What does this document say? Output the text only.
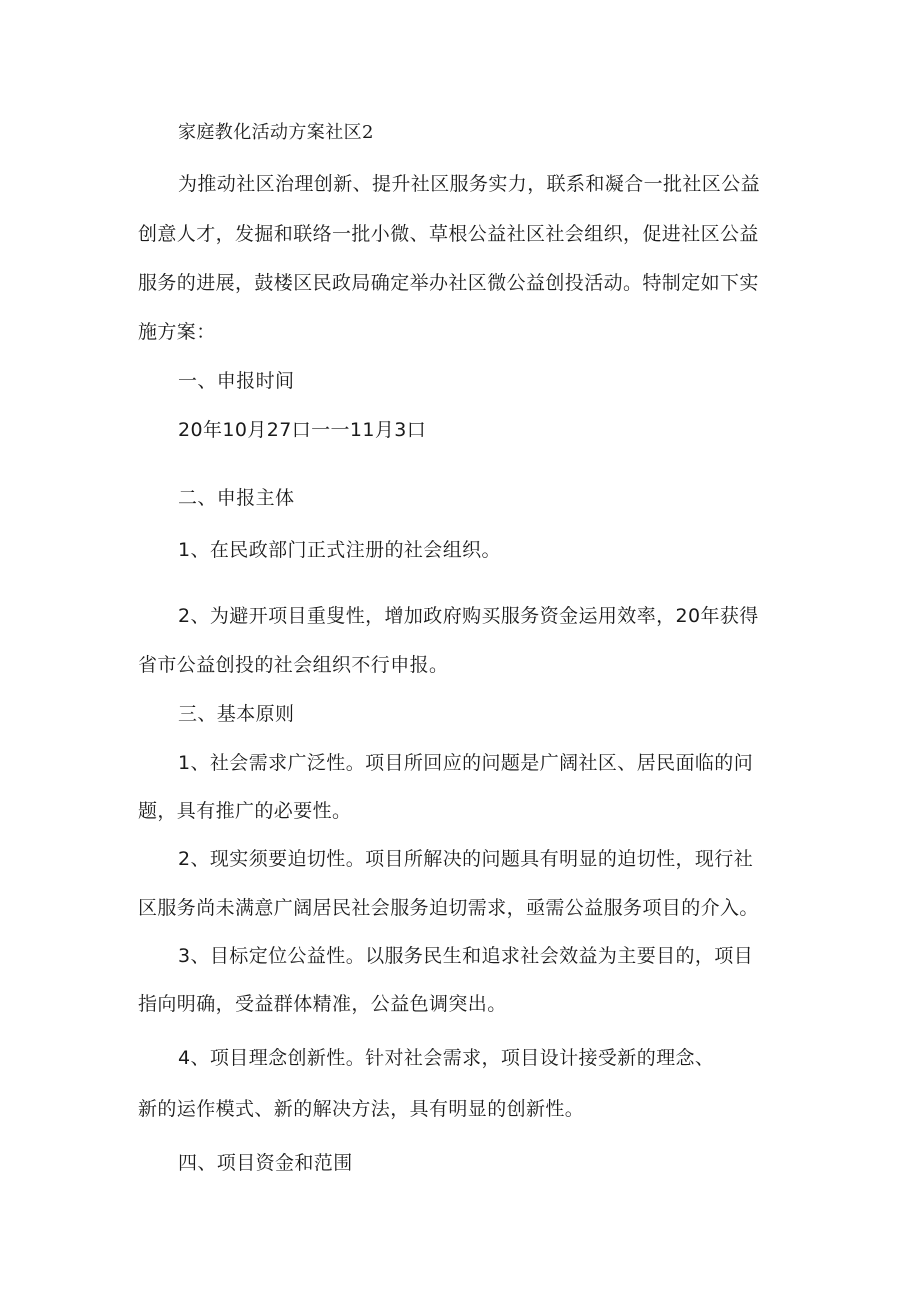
家庭教化活动方案社区2
为推动社区治理创新、提升社区服务实力，联系和凝合一批社区公益
创意人才，发掘和联络一批小微、草根公益社区社会组织，促进社区公益
服务的进展，鼓楼区民政局确定举办社区微公益创投活动。特制定如下实
施方案：
一、申报时间
20年10月27口一一11月3口
二、申报主体
1、在民政部门正式注册的社会组织。
2、为避开项目重叟性，增加政府购买服务资金运用效率，20年获得
省市公益创投的社会组织不行申报。
三、基本原则
1、社会需求广泛性。项目所回应的问题是广阔社区、居民面临的问
题，具有推广的必要性。
2、现实须要迫切性。项目所解决的问题具有明显的迫切性，现行社
区服务尚未满意广阔居民社会服务迫切需求，亟需公益服务项目的介入。
3、目标定位公益性。以服务民生和追求社会效益为主要目的，项目
指向明确，受益群体精准，公益色调突出。
4、项目理念创新性。针对社会需求，项目设计接受新的理念、
新的运作模式、新的解决方法，具有明显的创新性。
四、项目资金和范围
